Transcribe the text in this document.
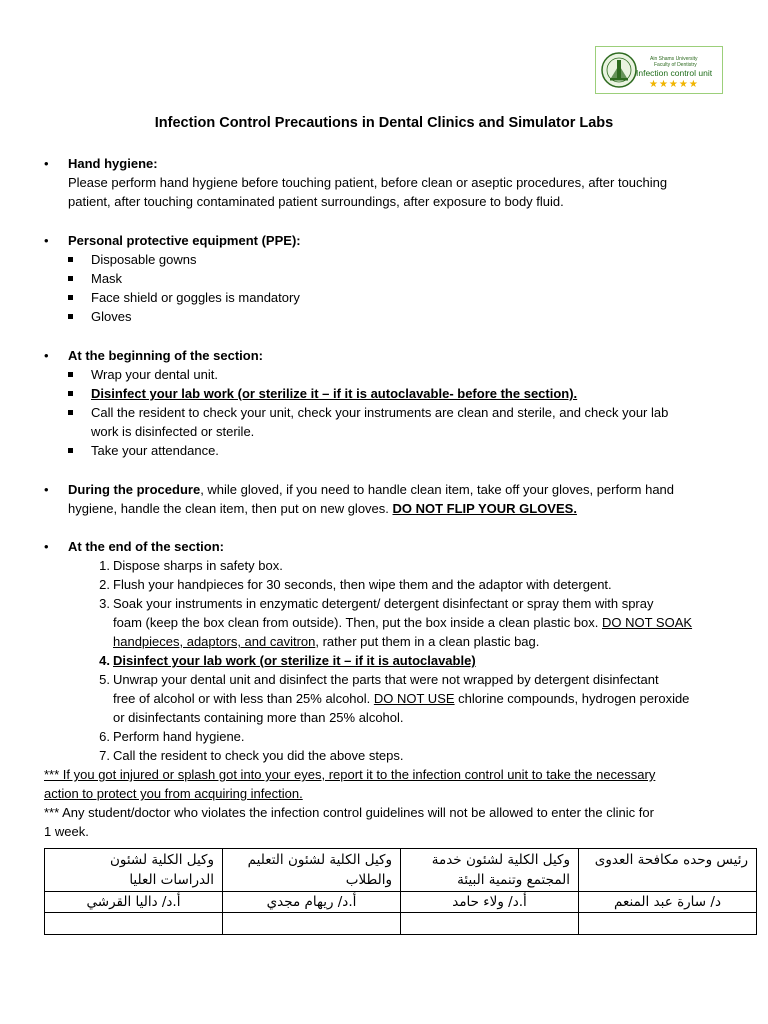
Ain Shams University
Faculty of Dentistry
Infection control unit
★★★★★
Infection Control Precautions in Dental Clinics and Simulator Labs
• Hand hygiene:
Please perform hand hygiene before touching patient, before clean or aseptic procedures, after touching
patient, after touching contaminated patient surroundings, after exposure to body fluid.
• Personal protective equipment (PPE):
Disposable gowns
Mask
Face shield or goggles is mandatory
Gloves
• At the beginning of the section:
Wrap your dental unit.
Disinfect your lab work (or sterilize it – if it is autoclavable- before the section).
Call the resident to check your unit, check your instruments are clean and sterile, and check your lab
work is disinfected or sterile.
Take your attendance.
• During the procedure, while gloved, if you need to handle clean item, take off your gloves, perform hand
hygiene, handle the clean item, then put on new gloves. DO NOT FLIP YOUR GLOVES.
• At the end of the section:
1. Dispose sharps in safety box.
2. Flush your handpieces for 30 seconds, then wipe them and the adaptor with detergent.
3. Soak your instruments in enzymatic detergent/ detergent disinfectant or spray them with spray
foam (keep the box clean from outside). Then, put the box inside a clean plastic box. DO NOT SOAK
handpieces, adaptors, and cavitron, rather put them in a clean plastic bag.
4. Disinfect your lab work (or sterilize it – if it is autoclavable)
5. Unwrap your dental unit and disinfect the parts that were not wrapped by detergent disinfectant
free of alcohol or with less than 25% alcohol. DO NOT USE chlorine compounds, hydrogen peroxide
or disinfectants containing more than 25% alcohol.
6. Perform hand hygiene.
7. Call the resident to check you did the above steps.
*** If you got injured or splash got into your eyes, report it to the infection control unit to take the necessary
action to protect you from acquiring infection.
*** Any student/doctor who violates the infection control guidelines will not be allowed to enter the clinic for
1 week.
رئيس وحده مكافحة العدوى	وكيل الكلية لشئون خدمة المجتمع وتنمية البيئة	وكيل الكلية لشئون التعليم والطلاب	وكيل الكلية لشئون الدراسات العليا
د/ سارة عبد المنعم	أ.د/ ولاء حامد	أ.د/ ريهام مجدي	أ.د/ داليا القرشي
